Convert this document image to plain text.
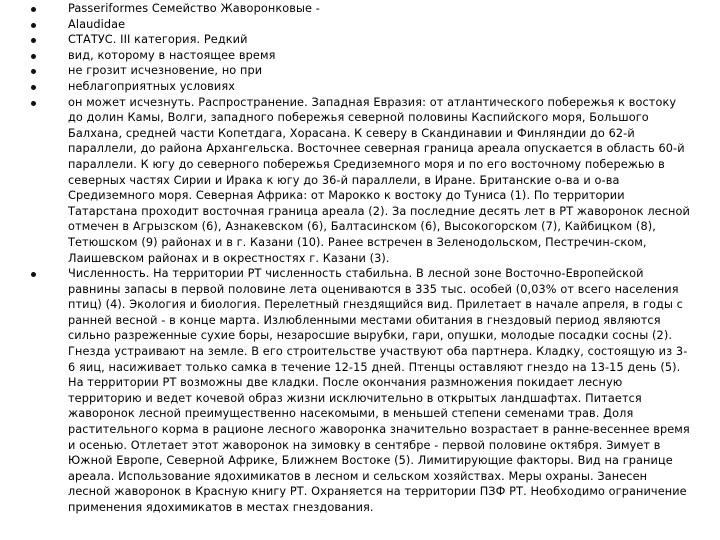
Passeriformes Семейство Жаворонковые -
Alaudidae
СТАТУС. III категория. Редкий
вид, которому в настоящее время
не грозит исчезновение, но при
неблагоприятных условиях
он может исчезнуть. Распространение. Западная Евразия: от атлантического побережья к востоку до долин Камы, Волги, западного побережья северной половины Каспийского моря, Большого Балхана, средней части Копетдага, Хорасана. К северу в Скандинавии и Финляндии до 62-й параллели, до района Архангельска. Восточнее северная граница ареала опускается в область 60-й параллели. К югу до северного побережья Средиземного моря и по его восточному побережью в северных частях Сирии и Ирака к югу до 36-й параллели, в Иране. Британские о-ва и о-ва Средиземного моря. Северная Африка: от Марокко к востоку до Туниса (1). По территории Татарстана проходит восточная граница ареала (2). За последние десять лет в РТ жаворонок лесной отмечен в Агрызском (6), Азнакевском (6), Балтасинском (6), Высокогорском (7), Кайбицком (8), Тетюшском (9) районах и в г. Казани (10). Ранее встречен в Зеленодольском, Пестречин-ском, Лаишевском районах и в окрестностях г. Казани (3).
Численность. На территории РТ численность стабильна. В лесной зоне Восточно-Европейской равнины запасы в первой половине лета оцениваются в 335 тыс. особей (0,03% от всего населения птиц) (4). Экология и биология. Перелетный гнездящийся вид. Прилетает в начале апреля, в годы с ранней весной - в конце марта. Излюбленными местами обитания в гнездовый период являются сильно разреженные сухие боры, незаросшие вырубки, гари, опушки, молодые посадки сосны (2). Гнезда устраивают на земле. В его строительстве участвуют оба партнера. Кладку, состоящую из 3-6 яиц, насиживает только самка в течение 12-15 дней. Птенцы оставляют гнездо на 13-15 день (5). На территории РТ возможны две кладки. После окончания размножения покидает лесную территорию и ведет кочевой образ жизни исключительно в открытых ландшафтах. Питается жаворонок лесной преимущественно насекомыми, в меньшей степени семенами трав. Доля растительного корма в рационе лесного жаворонка значительно возрастает в ранне-весеннее время и осенью. Отлетает этот жаворонок на зимовку в сентябре - первой половине октября. Зимует в Южной Европе, Северной Африке, Ближнем Востоке (5). Лимитирующие факторы. Вид на границе ареала. Использование ядохимикатов в лесном и сельском хозяйствах. Меры охраны. Занесен лесной жаворонок в Красную книгу РТ. Охраняется на территории ПЗФ РТ. Необходимо ограничение применения ядохимикатов в местах гнездования.
